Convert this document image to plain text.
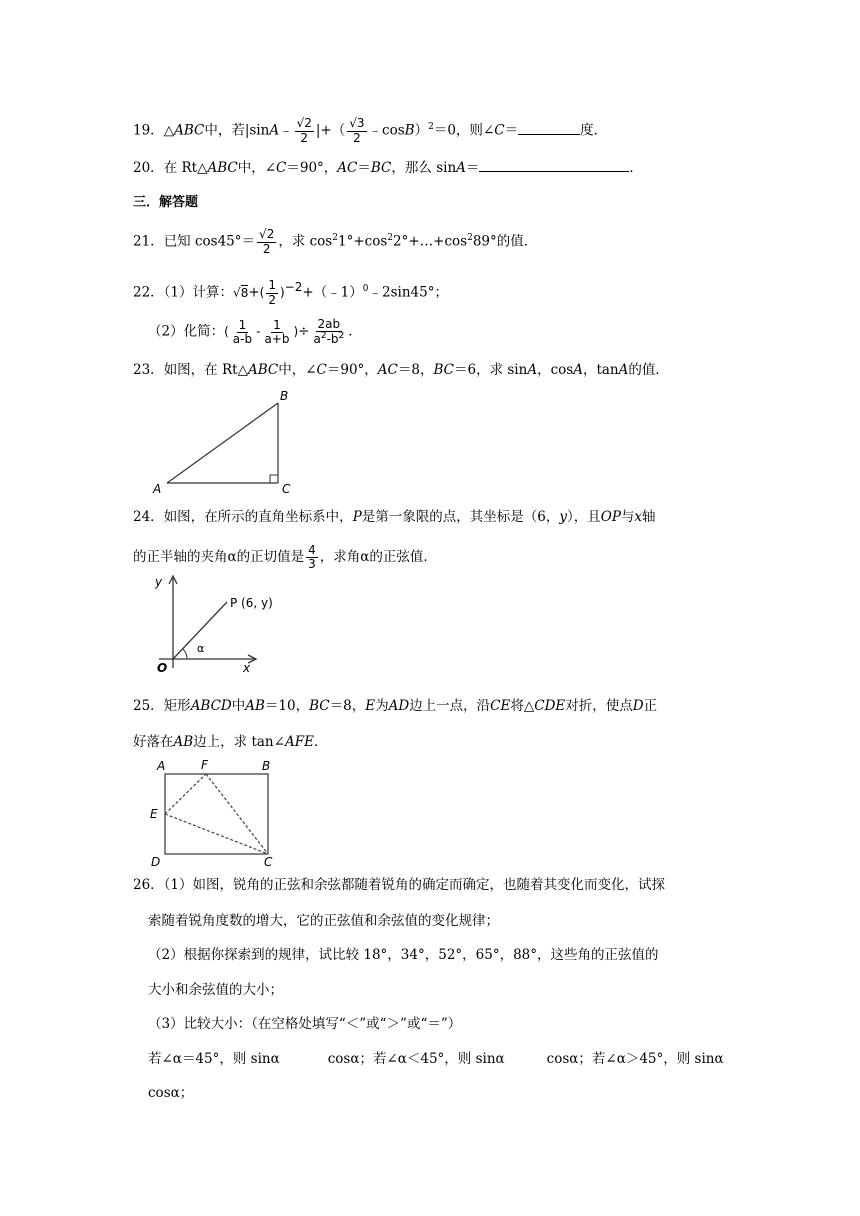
19．△ABC中，若|sinA﹣ $\frac{√2}{2}$ |+（ $\frac{√3}{2}$ ﹣cosB）$^2$＝0，则∠C＝	度．
20．在 Rt△ABC中，∠C＝90°，AC＝BC，那么 sinA＝	．
三．解答题
21．已知 $\cos 45^\circ= \frac{√2}{2}$ ，求 $\cos^21^\circ+\cos^22^\circ+\dots+\cos^289^\circ$的值．
22．（1）计算：$√8+( \frac{1}{2}$ )$^{-2}+(﹣1)^0﹣2\sin 45^\circ$；
（2）化简：( $\frac{1}{a-b} - \frac{1}{a+b}$ )÷ $\frac{2ab}{a^2-b^2}$ .
23．如图，在 Rt△ABC中，∠C＝90°，AC＝8，BC＝6，求 sinA，cosA，tanA的值．
A
B
C
24．如图，在所示的直角坐标系中，P是第一象限的点，其坐标是（6，y），且OP与x轴
的正半轴的夹角α的正切值是 $\frac{4}{3}$ ，求角α的正弦值．
y
P (6, y)
α
O	x
25．矩形ABCD中AB＝10，BC＝8，E为AD边上一点，沿CE将△CDE对折，使点D正
好落在AB边上，求 tan∠AFE．
A	F	B
E
D	C
26．（1）如图，锐角的正弦和余弦都随着锐角的确定而确定，也随着其变化而变化，试探
索随着锐角度数的增大，它的正弦值和余弦值的变化规律；
（2）根据你探索到的规律，试比较 18°，34°，52°，65°，88°，这些角的正弦值的
大小和余弦值的大小；
（3）比较大小：（在空格处填写“＜”或“＞”或“＝”）
若∠α＝45°，则 sinα	cosα；若∠α＜45°，则 sinα	cosα；若∠α＞45°，则 sinα
cosα；
